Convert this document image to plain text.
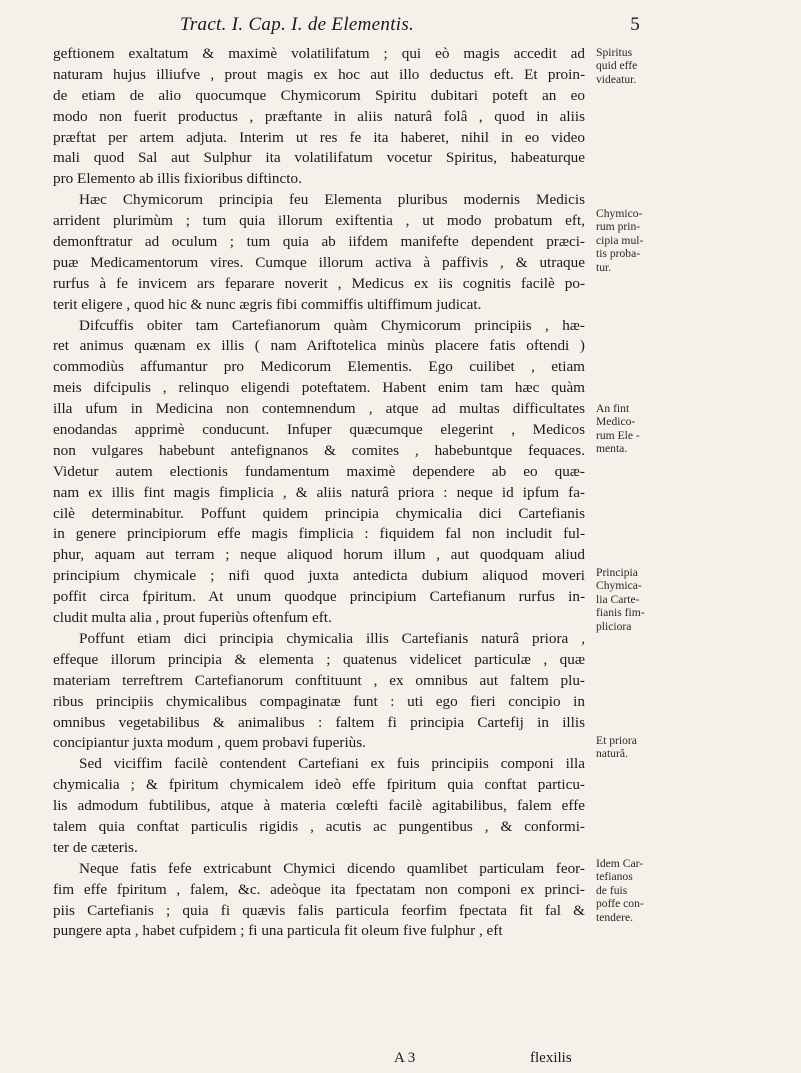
Tract. I. Cap. I. de Elementis.	5
geftionem exaltatum & maximè volatilifatum ; qui eò magis accedit ad
naturam hujus illiufve , prout magis ex hoc aut illo deductus eft. Et proin-
de etiam de alio quocumque Chymicorum Spiritu dubitari poteft an eo
modo non fuerit productus , præftante in aliis naturâ folâ , quod in aliis
præftat per artem adjuta. Interim ut res fe ita haberet, nihil in eo video
mali quod Sal aut Sulphur ita volatilifatum vocetur Spiritus, habeaturque
pro Elemento ab illis fixioribus diftincto.
Hæc Chymicorum principia feu Elementa pluribus modernis Medicis
arrident plurimùm ; tum quia illorum exiftentia , ut modo probatum eft,
demonftratur ad oculum ; tum quia ab iifdem manifefte dependent præci-
puæ Medicamentorum vires. Cumque illorum activa à paffivis , & utraque
rurfus à fe invicem ars feparare noverit , Medicus ex iis cognitis facilè po-
terit eligere , quod hic & nunc ægris fibi commiffis ultiffimum judicat.
Difcuffis obiter tam Cartefianorum quàm Chymicorum principiis , hæ-
ret animus quænam ex illis ( nam Ariftotelica minùs placere fatis oftendi )
commodiùs affumantur pro Medicorum Elementis. Ego cuilibet , etiam
meis difcipulis , relinquo eligendi poteftatem. Habent enim tam hæc quàm
illa ufum in Medicina non contemnendum , atque ad multas difficultates
enodandas apprimè conducunt. Infuper quæcumque elegerint , Medicos
non vulgares habebunt antefignanos & comites , habebuntque fequaces.
Videtur autem electionis fundamentum maximè dependere ab eo quæ-
nam ex illis fint magis fimplicia , & aliis naturâ priora : neque id ipfum fa-
cilè determinabitur. Poffunt quidem principia chymicalia dici Cartefianis
in genere principiorum effe magis fimplicia : fiquidem fal non includit ful-
phur, aquam aut terram ; neque aliquod horum illum , aut quodquam aliud
principium chymicale ; nifi quod juxta antedicta dubium aliquod moveri
poffit circa fpiritum. At unum quodque principium Cartefianum rurfus in-
cludit multa alia , prout fuperiùs oftenfum eft.
Poffunt etiam dici principia chymicalia illis Cartefianis naturâ priora ,
effeque illorum principia & elementa ; quatenus videlicet particulæ , quæ
materiam terreftrem Cartefianorum conftituunt , ex omnibus aut faltem plu-
ribus principiis chymicalibus compaginatæ funt : uti ego fieri concipio in
omnibus vegetabilibus & animalibus : faltem fi principia Cartefij in illis
concipiantur juxta modum , quem probavi fuperiùs.
Sed viciffim facilè contendent Cartefiani ex fuis principiis componi illa
chymicalia ; & fpiritum chymicalem ideò effe fpiritum quia conftat particu-
lis admodum fubtilibus, atque à materia cœlefti facilè agitabilibus, falem effe
talem quia conftat particulis rigidis , acutis ac pungentibus , & conformi-
ter de cæteris.
Neque fatis fefe extricabunt Chymici dicendo quamlibet particulam feor-
fim effe fpiritum , falem, &c. adeòque ita fpectatam non componi ex princi-
piis Cartefianis ; quia fi quævis falis particula feorfim fpectata fit fal &
pungere apta , habet cufpidem ; fi una particula fit oleum five fulphur , eft
Spiritus
quid effe
videatur.
Chymico-
rum prin-
cipia mul-
tis proba-
tur.
An fint
Medico-
rum Ele -
menta.
Principia
Chymica-
lia Carte-
fianis fim-
pliciora
Et priora
naturâ.
Idem Car-
tefianos
de fuis
poffe con-
tendere.
A 3	flexilis
